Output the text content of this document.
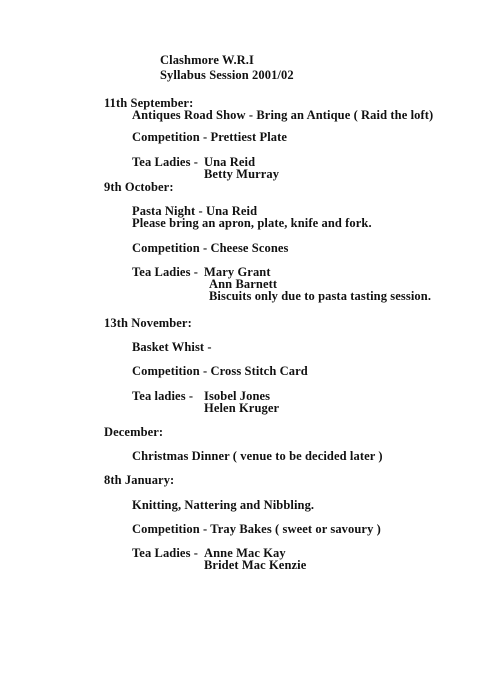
Clashmore W.R.I
Syllabus Session 2001/02
11th September:
Antiques Road Show - Bring an Antique ( Raid the loft)
Competition - Prettiest Plate
Tea Ladies - Una Reid
Betty Murray
9th October:
Pasta Night - Una Reid
Please bring an apron, plate, knife and fork.
Competition - Cheese Scones
Tea Ladies - Mary Grant
Ann Barnett
Biscuits only due to pasta tasting session.
13th November:
Basket Whist -
Competition - Cross Stitch Card
Tea ladies - Isobel Jones
Helen Kruger
December:
Christmas Dinner ( venue to be decided later )
8th January:
Knitting, Nattering and Nibbling.
Competition - Tray Bakes ( sweet or savoury )
Tea Ladies - Anne Mac Kay
Bridet Mac Kenzie
